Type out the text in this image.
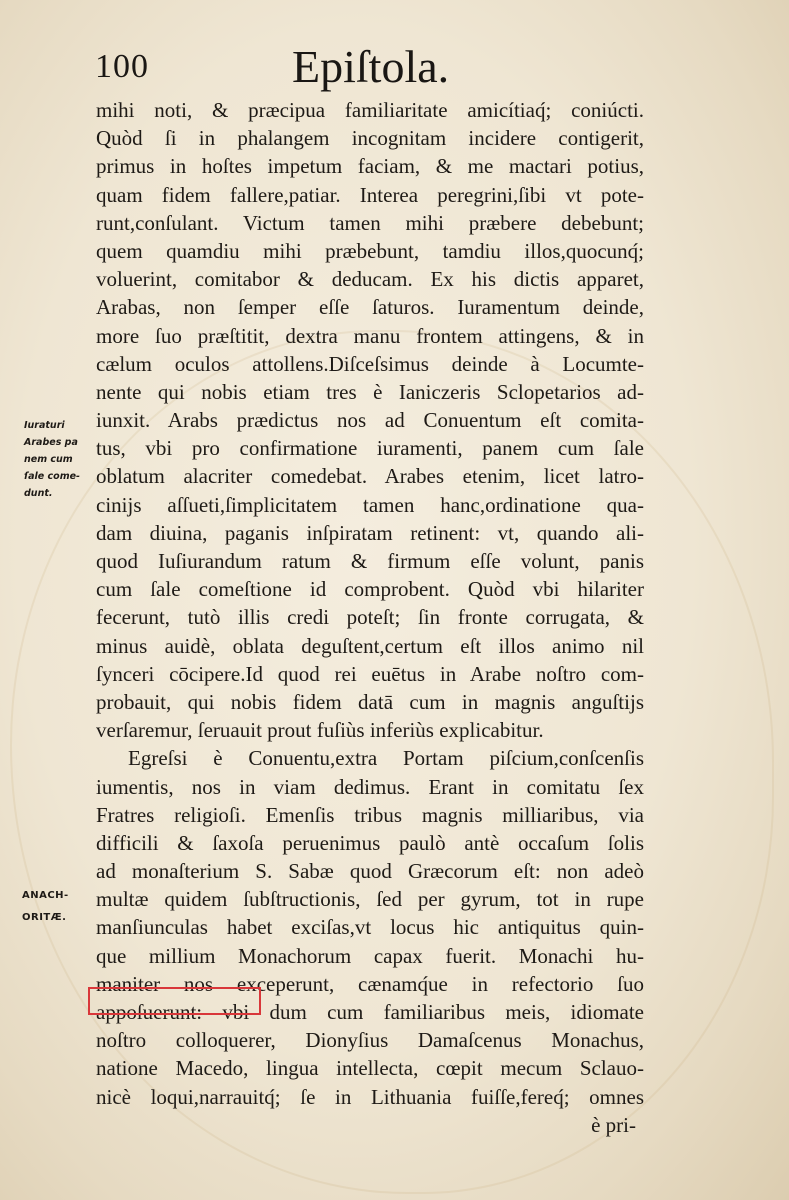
100	Epiſtola.
Iuraturi
Arabes pa
nem cum
ſale come-
dunt.
ANACH-
ORITÆ.
mihi noti, & præcipua familiaritate amicítiaq́; coniúcti.
Quòd ſi in phalangem incognitam incidere contigerit,
primus in hoſtes impetum faciam, & me mactari potius,
quam fidem fallere,patiar. Interea peregrini,ſibi vt pote-
runt,conſulant. Victum tamen mihi præbere debebunt;
quem quamdiu mihi præbebunt, tamdiu illos,quocunq́;
voluerint, comitabor & deducam. Ex his dictis apparet,
Arabas, non ſemper eſſe ſaturos. Iuramentum deinde,
more ſuo præſtitit, dextra manu frontem attingens, & in
cælum oculos attollens.Diſceſsimus deinde à Locumte-
nente qui nobis etiam tres è Ianiczeris Sclopetarios ad-
iunxit. Arabs prædictus nos ad Conuentum eſt comita-
tus, vbi pro confirmatione iuramenti, panem cum ſale
oblatum alacriter comedebat. Arabes etenim, licet latro-
cinijs aſſueti,ſimplicitatem tamen hanc,ordinatione qua-
dam diuina, paganis inſpiratam retinent: vt, quando ali-
quod Iuſiurandum ratum & firmum eſſe volunt, panis
cum ſale comeſtione id comprobent. Quòd vbi hilariter
fecerunt, tutò illis credi poteſt; ſin fronte corrugata, &
minus auidè, oblata deguſtent,certum eſt illos animo nil
ſynceri cōcipere.Id quod rei euētus in Arabe noſtro com-
probauit, qui nobis fidem datā cum in magnis anguſtijs
verſaremur, ſeruauit prout fuſiùs inferiùs explicabitur.
Egreſsi è Conuentu,extra Portam piſcium,conſcenſis
iumentis, nos in viam dedimus. Erant in comitatu ſex
Fratres religioſi. Emenſis tribus magnis milliaribus, via
difficili & ſaxoſa peruenimus paulò antè occaſum ſolis
ad monaſterium S. Sabæ quod Græcorum eſt: non adeò
multæ quidem ſubſtructionis, ſed per gyrum, tot in rupe
manſiunculas habet exciſas,vt locus hic antiquitus quin-
que millium Monachorum capax fuerit. Monachi hu-
maniter nos exceperunt, cænamq́ue in refectorio ſuo
appoſuerunt: vbi dum cum familiaribus meis, idiomate
noſtro colloquerer, Dionyſius Damaſcenus Monachus,
natione Macedo, lingua intellecta, cœpit mecum Sclauo-
nicè loqui,narrauitq́; ſe in Lithuania fuiſſe,fereq́; omnes
è pri-
